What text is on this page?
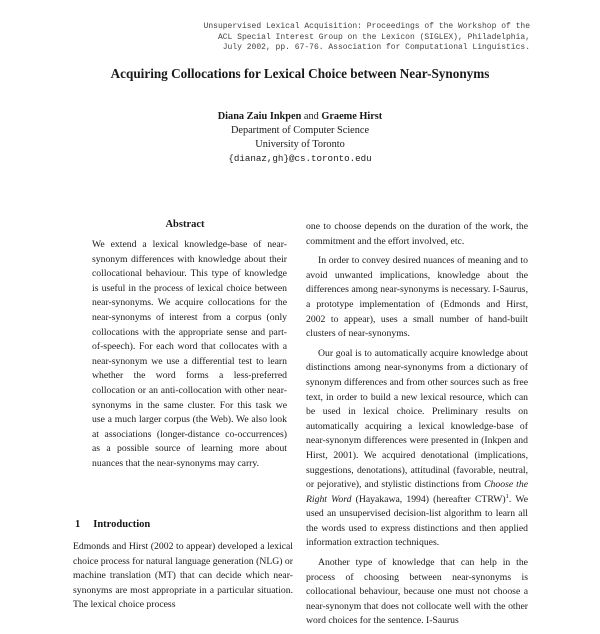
Unsupervised Lexical Acquisition: Proceedings of the Workshop of the
ACL Special Interest Group on the Lexicon (SIGLEX), Philadelphia,
July 2002, pp. 67-76. Association for Computational Linguistics.
Acquiring Collocations for Lexical Choice between Near-Synonyms
Diana Zaiu Inkpen and Graeme Hirst
Department of Computer Science
University of Toronto
{dianaz,gh}@cs.toronto.edu
Abstract

We extend a lexical knowledge-base of near-synonym differences with knowledge about their collocational behaviour. This type of knowledge is useful in the process of lexical choice between near-synonyms. We acquire collocations for the near-synonyms of interest from a corpus (only collocations with the appropriate sense and part-of-speech). For each word that collocates with a near-synonym we use a differential test to learn whether the word forms a less-preferred collocation or an anti-collocation with other near-synonyms in the same cluster. For this task we use a much larger corpus (the Web). We also look at associations (longer-distance co-occurrences) as a possible source of learning more about nuances that the near-synonyms may carry.

1 Introduction

Edmonds and Hirst (2002 to appear) developed a lexical choice process for natural language generation (NLG) or machine translation (MT) that can decide which near-synonyms are most appropriate in a particular situation. The lexical choice process

one to choose depends on the duration of the work, the commitment and the effort involved, etc.

In order to convey desired nuances of meaning and to avoid unwanted implications, knowledge about the differences among near-synonyms is necessary. I-Saurus, a prototype implementation of (Edmonds and Hirst, 2002 to appear), uses a small number of hand-built clusters of near-synonyms.

Our goal is to automatically acquire knowledge about distinctions among near-synonyms from a dictionary of synonym differences and from other sources such as free text, in order to build a new lexical resource, which can be used in lexical choice. Preliminary results on automatically acquiring a lexical knowledge-base of near-synonym differences were presented in (Inkpen and Hirst, 2001). We acquired denotational (implications, suggestions, denotations), attitudinal (favorable, neutral, or pejorative), and stylistic distinctions from Choose the Right Word (Hayakawa, 1994) (hereafter CTRW)$^1$. We used an unsupervised decision-list algorithm to learn all the words used to express distinctions and then applied information extraction techniques.

Another type of knowledge that can help in the process of choosing between near-synonyms is collocational behaviour, because one must not choose a near-synonym that does not collocate well with the other word choices for the sentence. I-Saurus
